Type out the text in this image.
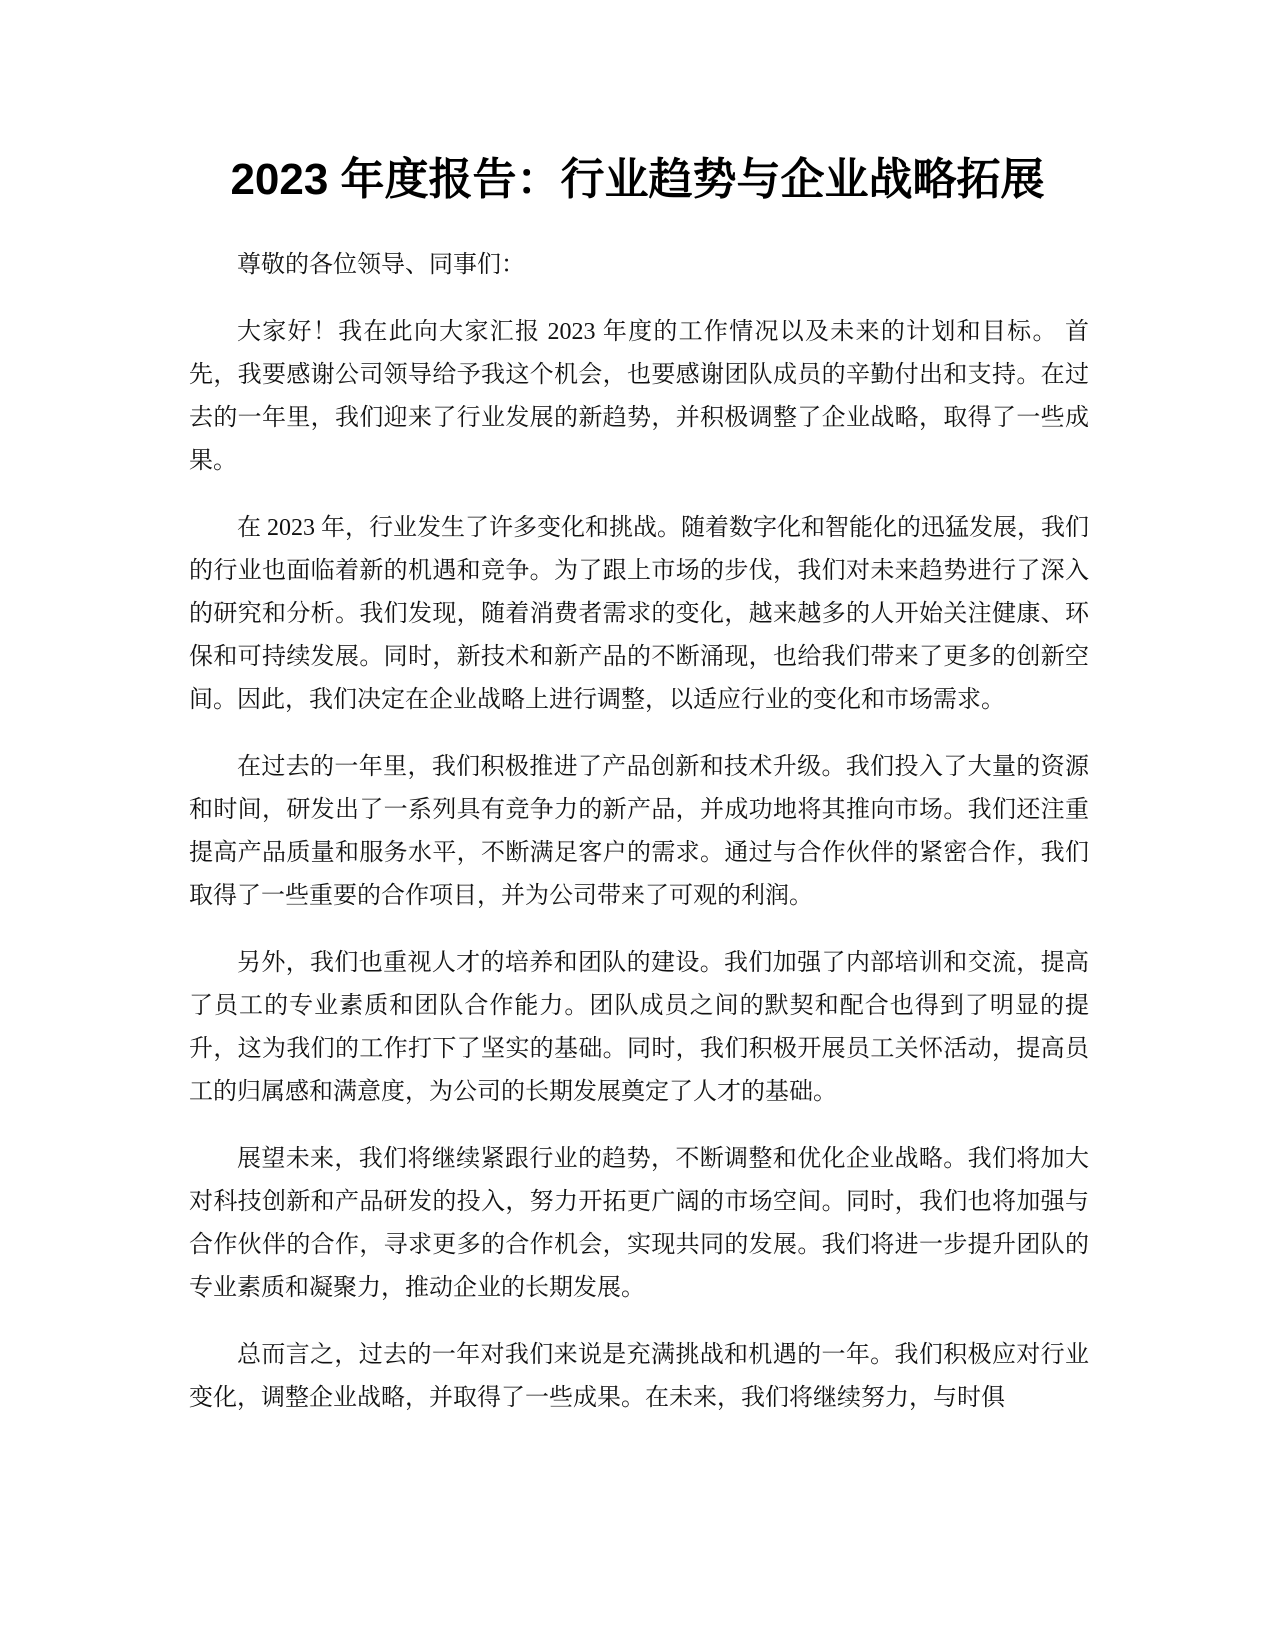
2023 年度报告：行业趋势与企业战略拓展

尊敬的各位领导、同事们：

大家好！我在此向大家汇报 2023 年度的工作情况以及未来的计划和目标。 首先，我要感谢公司领导给予我这个机会，也要感谢团队成员的辛勤付出和支持。在过去的一年里，我们迎来了行业发展的新趋势，并积极调整了企业战略，取得了一些成果。

在 2023 年，行业发生了许多变化和挑战。随着数字化和智能化的迅猛发展，我们的行业也面临着新的机遇和竞争。为了跟上市场的步伐，我们对未来趋势进行了深入的研究和分析。我们发现，随着消费者需求的变化，越来越多的人开始关注健康、环保和可持续发展。同时，新技术和新产品的不断涌现，也给我们带来了更多的创新空间。因此，我们决定在企业战略上进行调整，以适应行业的变化和市场需求。

在过去的一年里，我们积极推进了产品创新和技术升级。我们投入了大量的资源和时间，研发出了一系列具有竞争力的新产品，并成功地将其推向市场。我们还注重提高产品质量和服务水平，不断满足客户的需求。通过与合作伙伴的紧密合作，我们取得了一些重要的合作项目，并为公司带来了可观的利润。

另外，我们也重视人才的培养和团队的建设。我们加强了内部培训和交流，提高了员工的专业素质和团队合作能力。团队成员之间的默契和配合也得到了明显的提升，这为我们的工作打下了坚实的基础。同时，我们积极开展员工关怀活动，提高员工的归属感和满意度，为公司的长期发展奠定了人才的基础。

展望未来，我们将继续紧跟行业的趋势，不断调整和优化企业战略。我们将加大对科技创新和产品研发的投入，努力开拓更广阔的市场空间。同时，我们也将加强与合作伙伴的合作，寻求更多的合作机会，实现共同的发展。我们将进一步提升团队的专业素质和凝聚力，推动企业的长期发展。

总而言之，过去的一年对我们来说是充满挑战和机遇的一年。我们积极应对行业变化，调整企业战略，并取得了一些成果。在未来，我们将继续努力，与时俱
